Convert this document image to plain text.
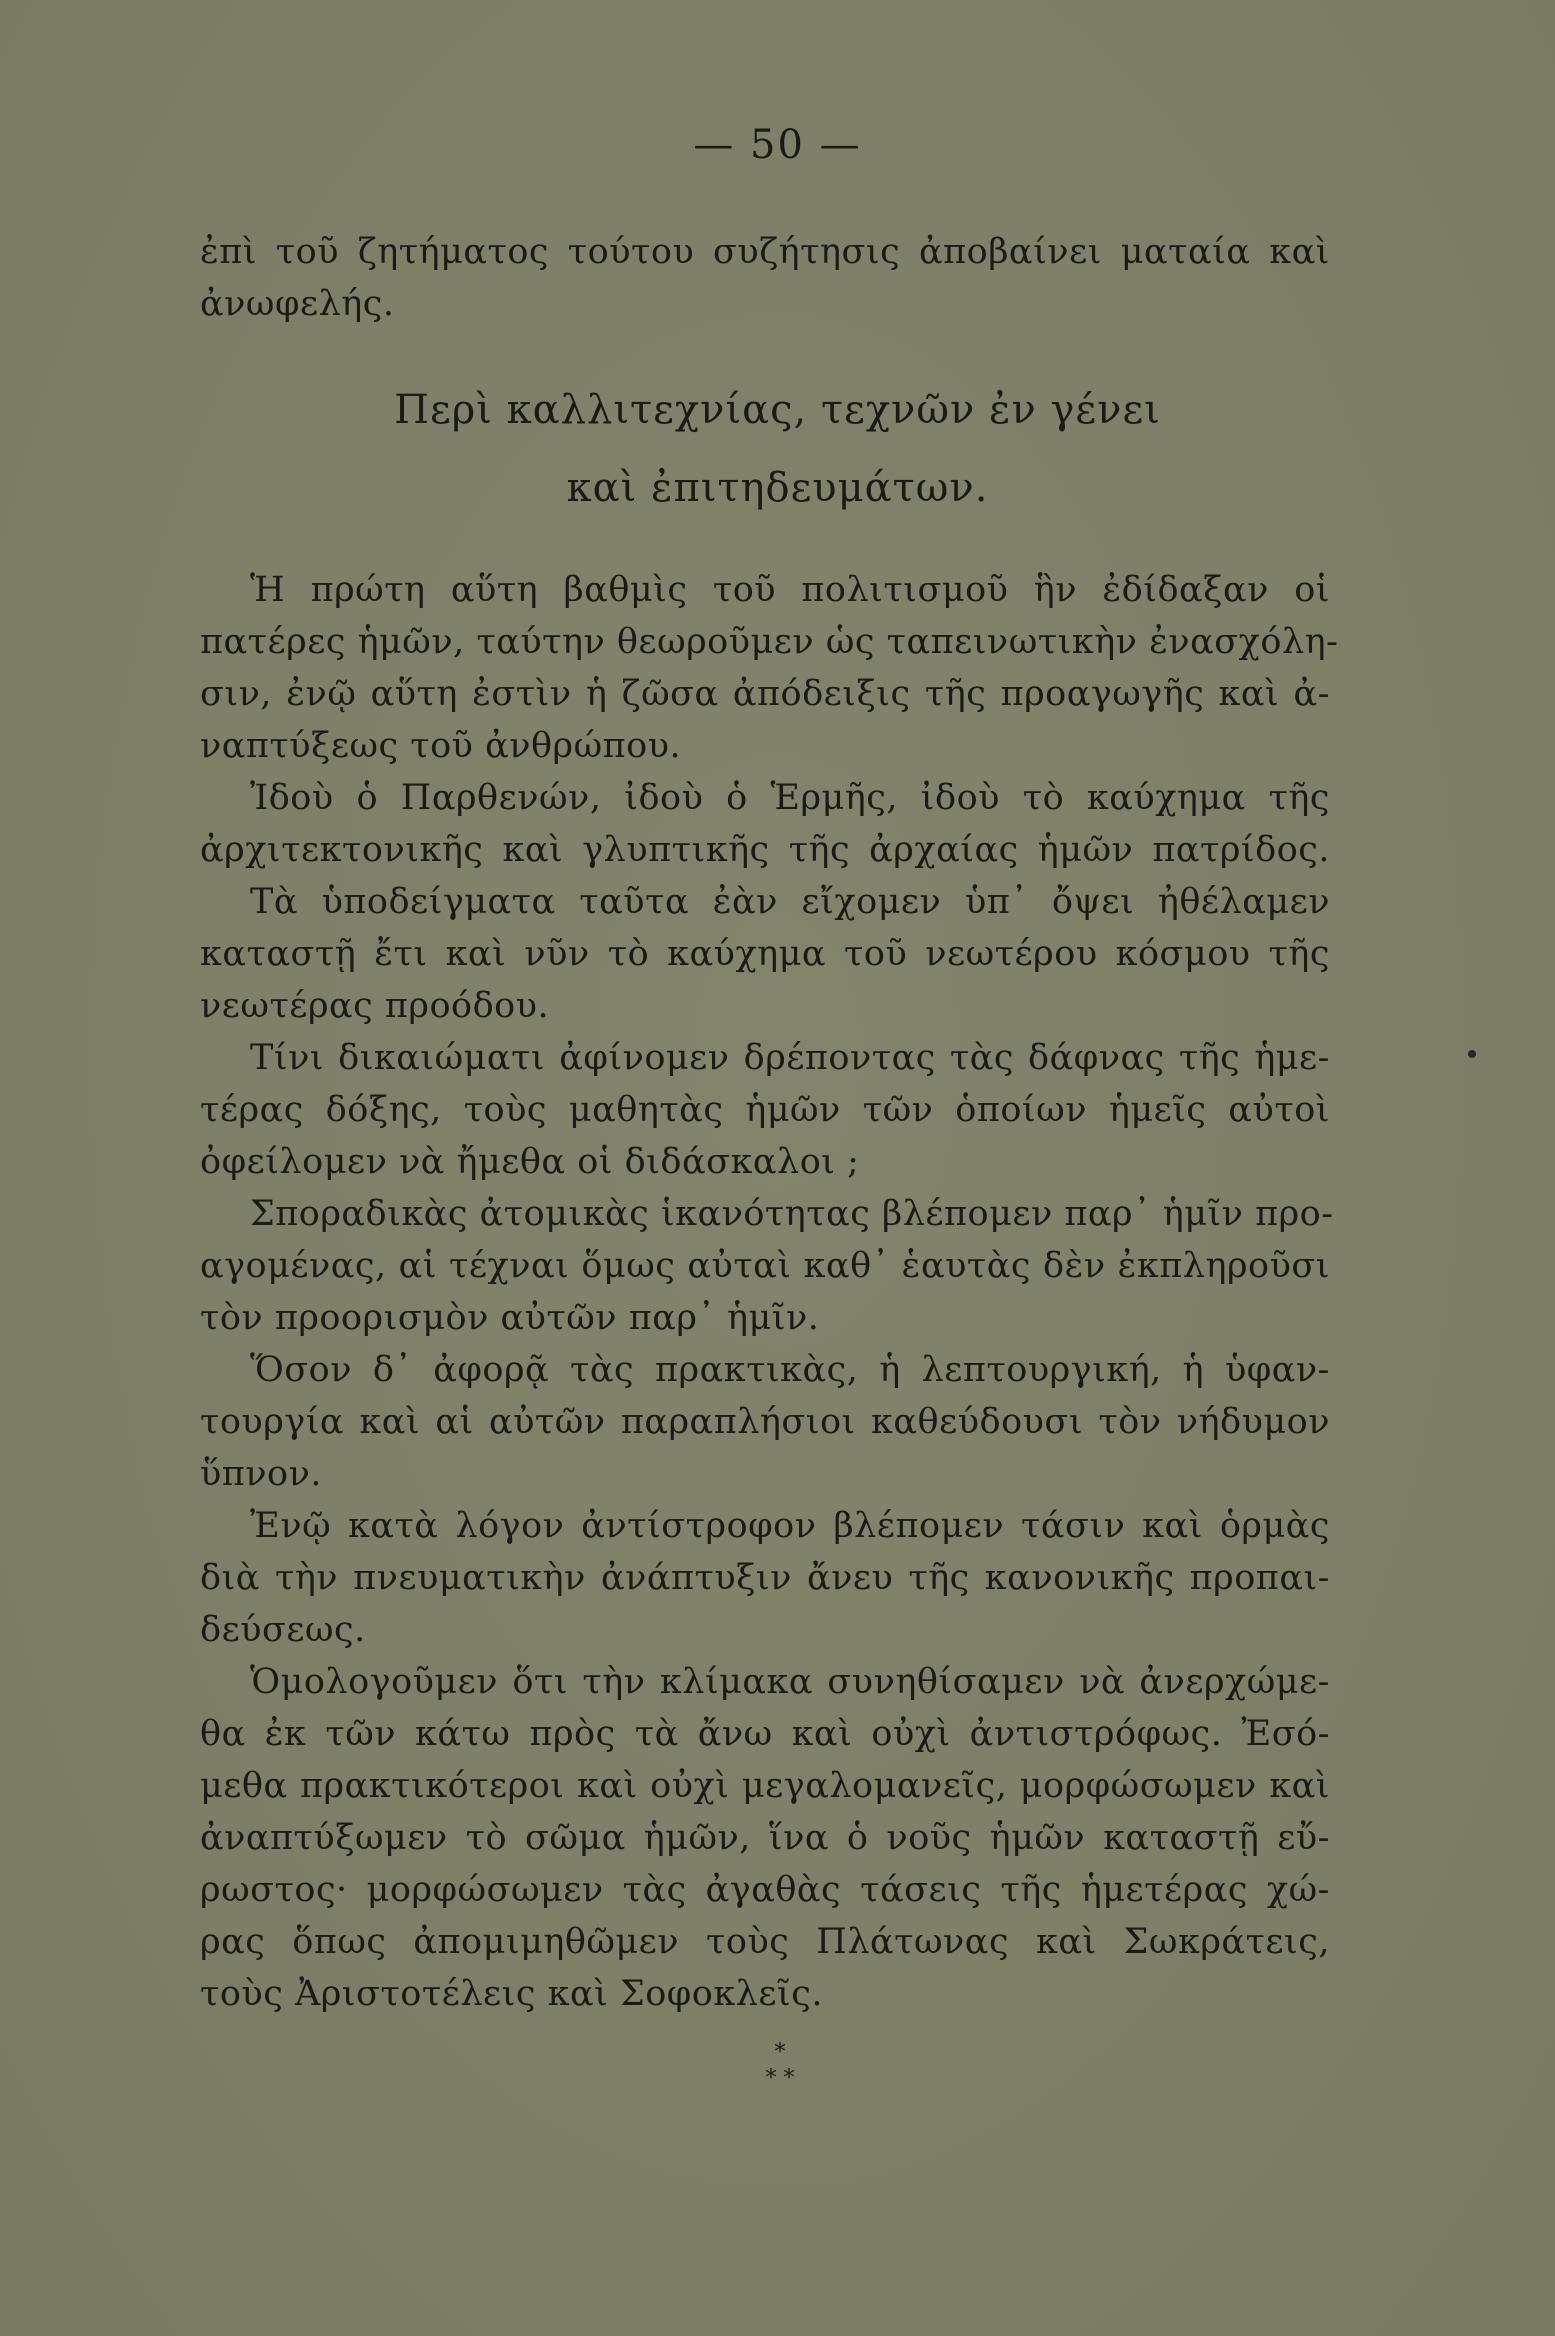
— 50 —
ἐπὶ τοῦ ζητήματος τούτου συζήτησις ἀποβαίνει ματαία καὶ
ἀνωφελής.
Περὶ καλλιτεχνίας, τεχνῶν ἐν γένει
καὶ ἐπιτηδευμάτων.
Ἡ πρώτη αὕτη βαθμὶς τοῦ πολιτισμοῦ ἣν ἐδίδαξαν οἱ
πατέρες ἡμῶν, ταύτην θεωροῦμεν ὡς ταπεινωτικὴν ἐνασχόλη-
σιν, ἐνῷ αὕτη ἐστὶν ἡ ζῶσα ἀπόδειξις τῆς προαγωγῆς καὶ ἀ-
ναπτύξεως τοῦ ἀνθρώπου.
Ἰδοὺ ὁ Παρθενών, ἰδοὺ ὁ Ἑρμῆς, ἰδοὺ τὸ καύχημα τῆς
ἀρχιτεκτονικῆς καὶ γλυπτικῆς τῆς ἀρχαίας ἡμῶν πατρίδος.
Τὰ ὑποδείγματα ταῦτα ἐὰν εἴχομεν ὑπ᾿ ὄψει ἠθέλαμεν
καταστῇ ἔτι καὶ νῦν τὸ καύχημα τοῦ νεωτέρου κόσμου τῆς
νεωτέρας προόδου.
Τίνι δικαιώματι ἀφίνομεν δρέποντας τὰς δάφνας τῆς ἡμε-
τέρας δόξης, τοὺς μαθητὰς ἡμῶν τῶν ὁποίων ἡμεῖς αὐτοὶ
ὀφείλομεν νὰ ἤμεθα οἱ διδάσκαλοι ;
Σποραδικὰς ἀτομικὰς ἱκανότητας βλέπομεν παρ᾿ ἡμῖν προ-
αγομένας, αἱ τέχναι ὅμως αὐταὶ καθ᾿ ἑαυτὰς δὲν ἐκπληροῦσι
τὸν προορισμὸν αὐτῶν παρ᾿ ἡμῖν.
Ὅσον δ᾿ ἀφορᾷ τὰς πρακτικὰς, ἡ λεπτουργική, ἡ ὑφαν-
τουργία καὶ αἱ αὐτῶν παραπλήσιοι καθεύδουσι τὸν νήδυμον
ὕπνον.
Ἐνῷ κατὰ λόγον ἀντίστροφον βλέπομεν τάσιν καὶ ὁρμὰς
διὰ τὴν πνευματικὴν ἀνάπτυξιν ἄνευ τῆς κανονικῆς προπαι-
δεύσεως.
Ὁμολογοῦμεν ὅτι τὴν κλίμακα συνηθίσαμεν νὰ ἀνερχώμε-
θα ἐκ τῶν κάτω πρὸς τὰ ἄνω καὶ οὐχὶ ἀντιστρόφως. Ἐσό-
μεθα πρακτικότεροι καὶ οὐχὶ μεγαλομανεῖς, μορφώσωμεν καὶ
ἀναπτύξωμεν τὸ σῶμα ἡμῶν, ἵνα ὁ νοῦς ἡμῶν καταστῇ εὔ-
ρωστος· μορφώσωμεν τὰς ἀγαθὰς τάσεις τῆς ἡμετέρας χώ-
ρας ὅπως ἀπομιμηθῶμεν τοὺς Πλάτωνας καὶ Σωκράτεις,
τοὺς Ἀριστοτέλεις καὶ Σοφοκλεῖς.
*
* *
